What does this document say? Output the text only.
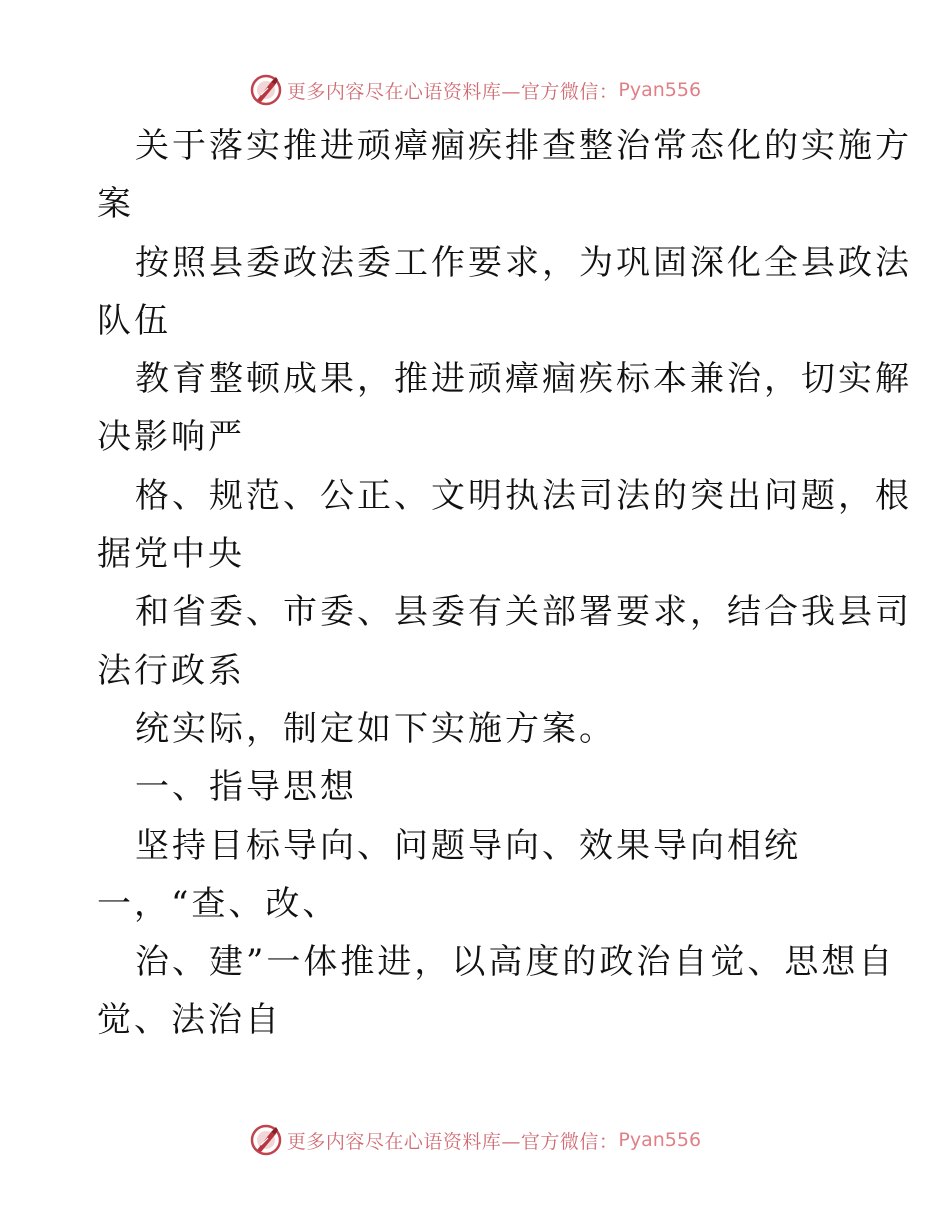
更多内容尽在心语资料库—官方微信： Pyan556
关于落实推进顽瘴痼疾排查整治常态化的实施方
案
按照县委政法委工作要求，为巩固深化全县政法
队伍
教育整顿成果，推进顽瘴痼疾标本兼治，切实解
决影响严
格、规范、公正、文明执法司法的突出问题，根
据党中央
和省委、市委、县委有关部署要求，结合我县司
法行政系
统实际，制定如下实施方案。
一、指导思想
坚持目标导向、问题导向、效果导向相统
一，“查、改、
治、建”一体推进，以高度的政治自觉、思想自
觉、法治自
更多内容尽在心语资料库—官方微信： Pyan556
